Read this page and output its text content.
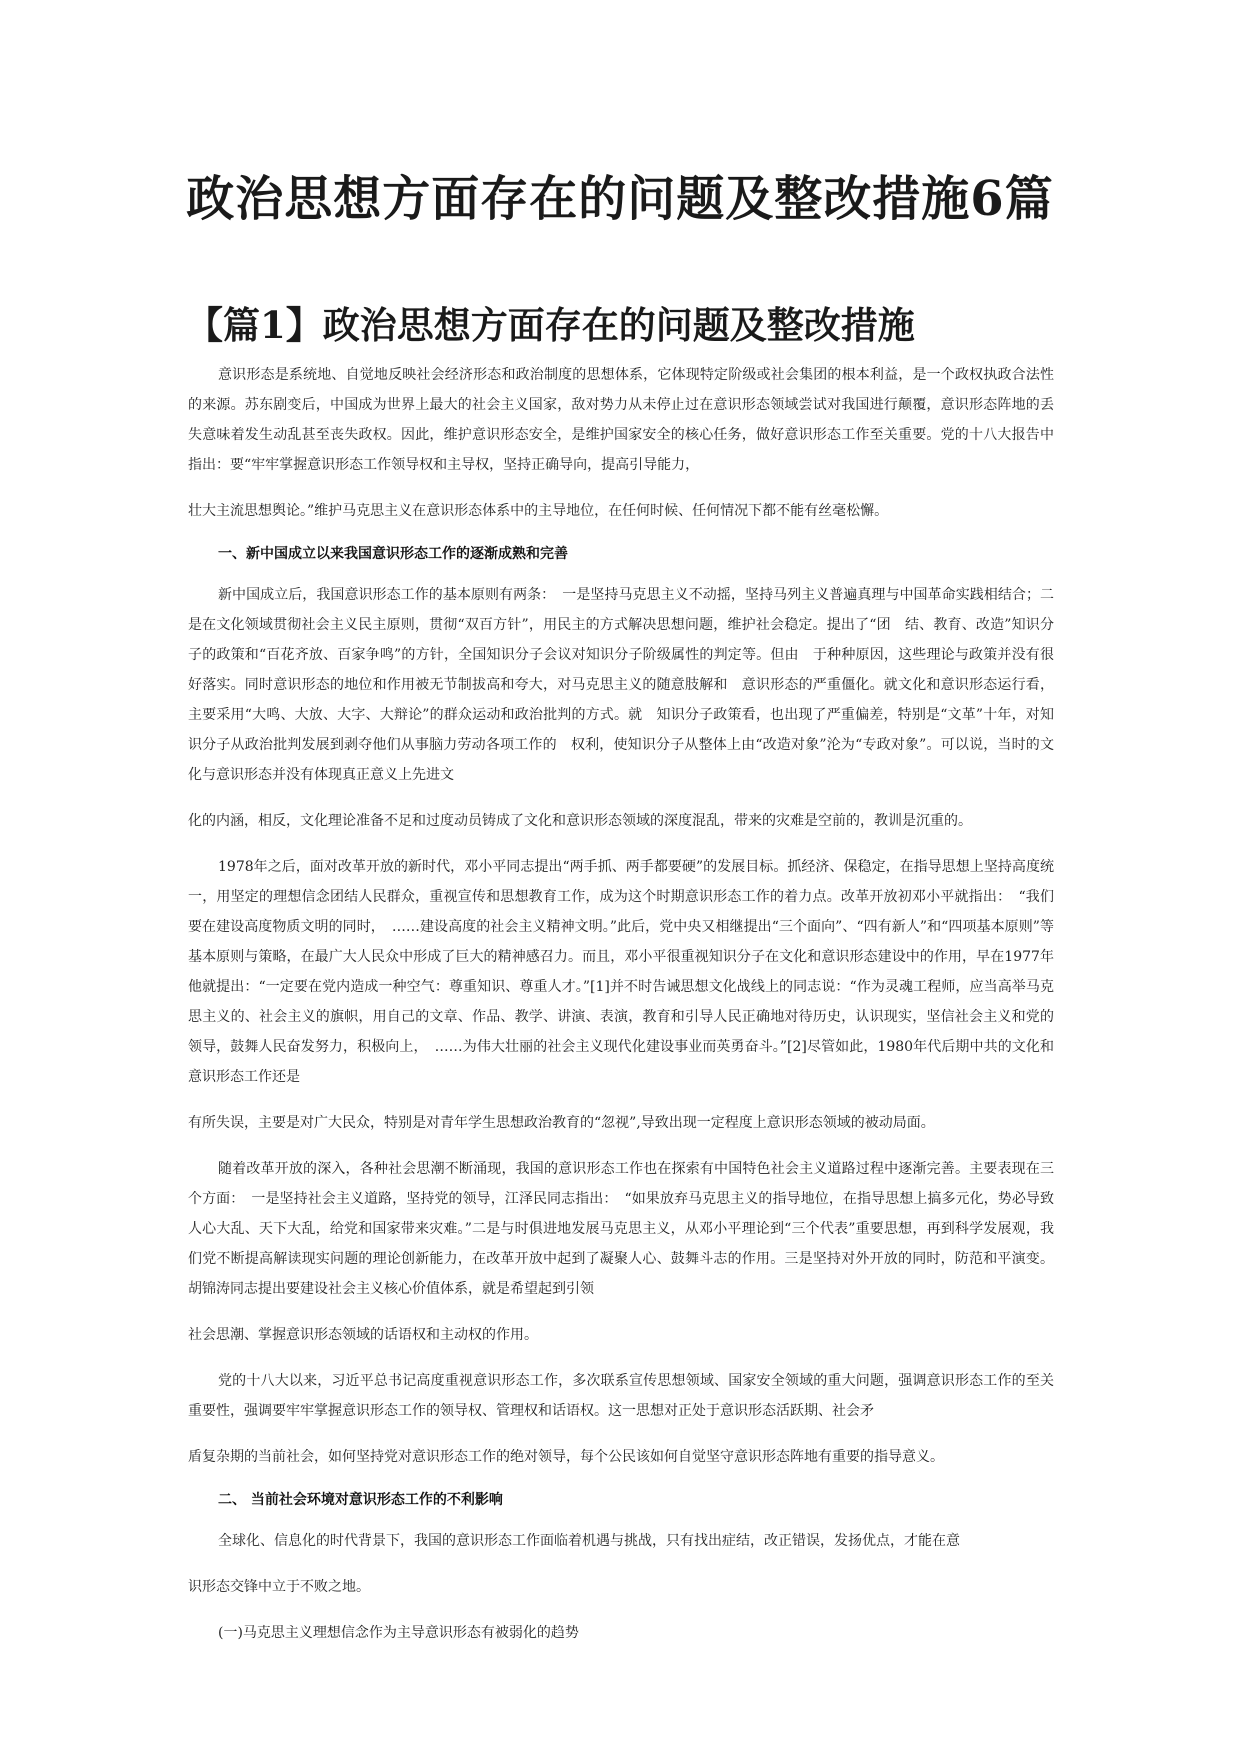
政治思想方面存在的问题及整改措施6篇
【篇1】政治思想方面存在的问题及整改措施

意识形态是系统地、自觉地反映社会经济形态和政治制度的思想体系，它体现特定阶级或社会集团的根本利益，是一个政权执政合法性的来源。苏东剧变后，中国成为世界上最大的社会主义国家，敌对势力从未停止过在意识形态领域尝试对我国进行颠覆，意识形态阵地的丢失意味着发生动乱甚至丧失政权。因此，维护意识形态安全，是维护国家安全的核心任务，做好意识形态工作至关重要。党的十八大报告中指出：要“牢牢掌握意识形态工作领导权和主导权，坚持正确导向，提高引导能力，

壮大主流思想舆论。”维护马克思主义在意识形态体系中的主导地位，在任何时候、任何情况下都不能有丝毫松懈。

一、新中国成立以来我国意识形态工作的逐渐成熟和完善

新中国成立后，我国意识形态工作的基本原则有两条：　一是坚持马克思主义不动摇，坚持马列主义普遍真理与中国革命实践相结合；二是在文化领域贯彻社会主义民主原则，贯彻“双百方针”，用民主的方式解决思想问题，维护社会稳定。提出了“团　结、教育、改造”知识分子的政策和“百花齐放、百家争鸣”的方针，全国知识分子会议对知识分子阶级属性的判定等。但由　于种种原因，这些理论与政策并没有很好落实。同时意识形态的地位和作用被无节制拔高和夸大，对马克思主义的随意肢解和　意识形态的严重僵化。就文化和意识形态运行看，主要采用“大鸣、大放、大字、大辩论”的群众运动和政治批判的方式。就　知识分子政策看，也出现了严重偏差，特别是“文革”十年，对知识分子从政治批判发展到剥夺他们从事脑力劳动各项工作的　权利，使知识分子从整体上由“改造对象”沦为“专政对象”。可以说，当时的文化与意识形态并没有体现真正意义上先进文

化的内涵，相反，文化理论准备不足和过度动员铸成了文化和意识形态领域的深度混乱，带来的灾难是空前的，教训是沉重的。

1978年之后，面对改革开放的新时代，邓小平同志提出“两手抓、两手都要硬”的发展目标。抓经济、保稳定，在指导思想上坚持高度统一，用坚定的理想信念团结人民群众，重视宣传和思想教育工作，成为这个时期意识形态工作的着力点。改革开放初邓小平就指出：　“我们要在建设高度物质文明的同时，　……建设高度的社会主义精神文明。”此后，党中央又相继提出“三个面向”、“四有新人”和“四项基本原则”等基本原则与策略，在最广大人民众中形成了巨大的精神感召力。而且，邓小平很重视知识分子在文化和意识形态建设中的作用，早在1977年他就提出：“一定要在党内造成一种空气：尊重知识、尊重人才。”[1]并不时告诫思想文化战线上的同志说：“作为灵魂工程师，应当高举马克思主义的、社会主义的旗帜，用自己的文章、作品、教学、讲演、表演，教育和引导人民正确地对待历史，认识现实，坚信社会主义和党的领导，鼓舞人民奋发努力，积极向上，　……为伟大壮丽的社会主义现代化建设事业而英勇奋斗。”[2]尽管如此，1980年代后期中共的文化和意识形态工作还是

有所失误，主要是对广大民众，特别是对青年学生思想政治教育的“忽视”,导致出现一定程度上意识形态领域的被动局面。

随着改革开放的深入，各种社会思潮不断涌现，我国的意识形态工作也在探索有中国特色社会主义道路过程中逐渐完善。主要表现在三个方面：　一是坚持社会主义道路，坚持党的领导，江泽民同志指出：　“如果放弃马克思主义的指导地位，在指导思想上搞多元化，势必导致人心大乱、天下大乱，给党和国家带来灾难。”二是与时俱进地发展马克思主义，从邓小平理论到“三个代表”重要思想，再到科学发展观，我们党不断提高解读现实问题的理论创新能力，在改革开放中起到了凝聚人心、鼓舞斗志的作用。三是坚持对外开放的同时，防范和平演变。胡锦涛同志提出要建设社会主义核心价值体系，就是希望起到引领

社会思潮、掌握意识形态领域的话语权和主动权的作用。

党的十八大以来，习近平总书记高度重视意识形态工作，多次联系宣传思想领域、国家安全领域的重大问题，强调意识形态工作的至关重要性，强调要牢牢掌握意识形态工作的领导权、管理权和话语权。这一思想对正处于意识形态活跃期、社会矛

盾复杂期的当前社会，如何坚持党对意识形态工作的绝对领导，每个公民该如何自觉坚守意识形态阵地有重要的指导意义。

二、 当前社会环境对意识形态工作的不利影响

全球化、信息化的时代背景下，我国的意识形态工作面临着机遇与挑战，只有找出症结，改正错误，发扬优点，才能在意

识形态交锋中立于不败之地。

(一)马克思主义理想信念作为主导意识形态有被弱化的趋势
